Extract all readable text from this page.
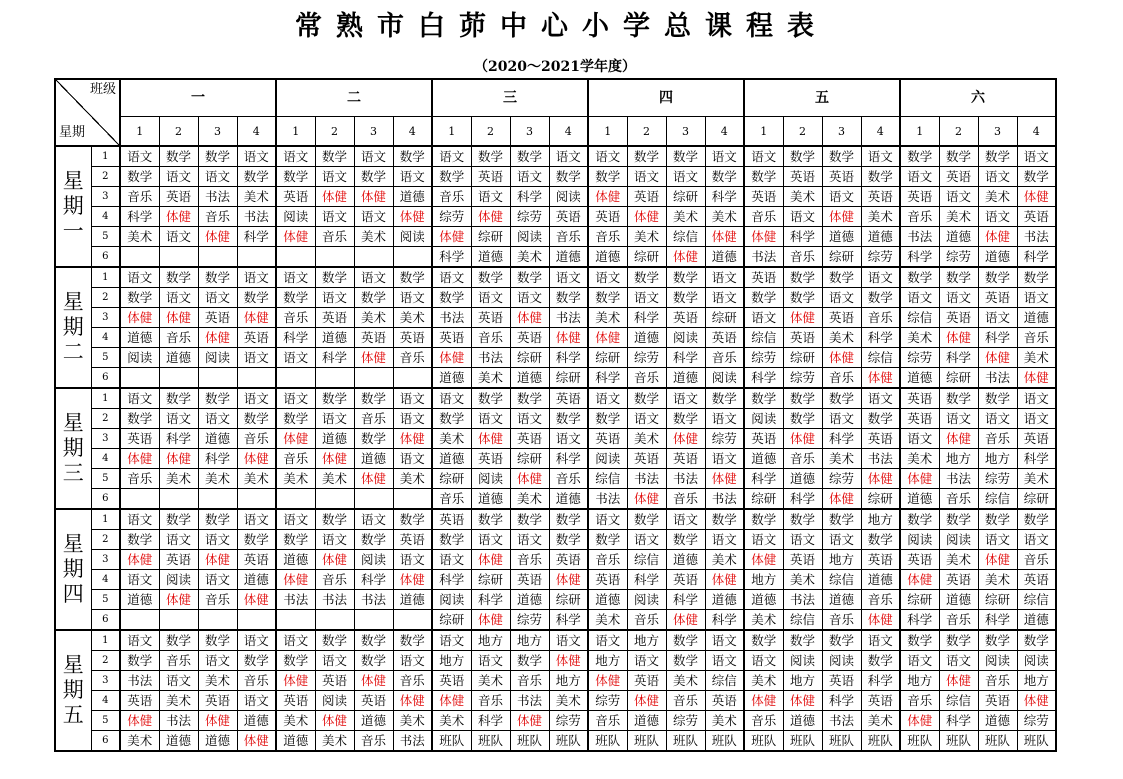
常熟市白茆中心小学总课程表
（2020～2021学年度）
班级
星期		一				二				三				四				五				六			
		1	2	3	4	1	2	3	4	1	2	3	4	1	2	3	4	1	2	3	4	1	2	3	4
星期一	1	语文	数学	数学	语文	语文	数学	语文	数学	语文	数学	数学	语文	语文	数学	数学	语文	语文	数学	数学	语文	数学	数学	数学	语文
	2	数学	语文	语文	数学	数学	语文	数学	语文	数学	英语	语文	数学	数学	语文	语文	数学	数学	英语	英语	数学	语文	英语	语文	数学
	3	音乐	英语	书法	美术	英语	体健	体健	道德	音乐	语文	科学	阅读	体健	英语	综研	科学	英语	美术	语文	英语	英语	语文	美术	体健
	4	科学	体健	音乐	书法	阅读	语文	语文	体健	综劳	体健	综劳	英语	英语	体健	美术	美术	音乐	语文	体健	美术	音乐	美术	语文	英语
	5	美术	语文	体健	科学	体健	音乐	美术	阅读	体健	综研	阅读	音乐	音乐	美术	综信	体健	体健	科学	道德	道德	书法	道德	体健	书法
	6									科学	道德	美术	道德	道德	综研	体健	道德	书法	音乐	综研	综劳	科学	综劳	道德	科学
星期二	1	语文	数学	数学	语文	语文	数学	语文	数学	语文	数学	数学	语文	语文	数学	数学	语文	英语	数学	数学	语文	数学	数学	数学	数学
	2	数学	语文	语文	数学	数学	语文	数学	语文	数学	语文	语文	数学	数学	语文	数学	语文	数学	数学	语文	数学	语文	语文	英语	语文
	3	体健	体健	英语	体健	音乐	英语	美术	美术	书法	英语	体健	书法	美术	科学	英语	综研	语文	体健	英语	音乐	综信	英语	语文	道德
	4	道德	音乐	体健	英语	科学	道德	英语	英语	英语	音乐	英语	体健	体健	道德	阅读	英语	综信	英语	美术	科学	美术	体健	科学	音乐
	5	阅读	道德	阅读	语文	语文	科学	体健	音乐	体健	书法	综研	科学	综研	综劳	科学	音乐	综劳	综研	体健	综信	综劳	科学	体健	美术
	6									道德	美术	道德	综研	科学	音乐	道德	阅读	科学	综劳	音乐	体健	道德	综研	书法	体健
星期三	1	语文	数学	数学	语文	语文	数学	数学	语文	语文	数学	数学	英语	语文	数学	语文	数学	数学	数学	数学	语文	英语	数学	数学	语文
	2	数学	语文	语文	数学	数学	语文	音乐	语文	数学	语文	语文	数学	数学	语文	数学	语文	阅读	数学	语文	数学	英语	语文	语文	语文
	3	英语	科学	道德	音乐	体健	道德	数学	体健	美术	体健	英语	语文	英语	美术	体健	综劳	英语	体健	科学	英语	语文	体健	音乐	英语
	4	体健	体健	科学	体健	音乐	体健	道德	语文	道德	英语	综研	科学	阅读	英语	英语	语文	道德	音乐	美术	书法	美术	地方	地方	科学
	5	音乐	美术	美术	美术	美术	美术	体健	美术	综研	阅读	体健	音乐	综信	书法	书法	体健	科学	道德	综劳	体健	体健	书法	综劳	美术
	6									音乐	道德	美术	道德	书法	体健	音乐	书法	综研	科学	体健	综研	道德	音乐	综信	综研
星期四	1	语文	数学	数学	语文	语文	数学	语文	数学	英语	数学	数学	数学	语文	数学	语文	数学	数学	数学	数学	地方	数学	数学	数学	数学
	2	数学	语文	语文	数学	数学	语文	数学	英语	数学	语文	语文	数学	数学	语文	数学	语文	语文	语文	语文	数学	阅读	阅读	语文	语文
	3	体健	英语	体健	英语	道德	体健	阅读	语文	语文	体健	音乐	英语	音乐	综信	道德	美术	体健	英语	地方	英语	英语	美术	体健	音乐
	4	语文	阅读	语文	道德	体健	音乐	科学	体健	科学	综研	英语	体健	英语	科学	英语	体健	地方	美术	综信	道德	体健	英语	美术	英语
	5	道德	体健	音乐	体健	书法	书法	书法	道德	阅读	科学	道德	综研	道德	阅读	科学	道德	道德	书法	道德	音乐	综研	道德	综研	综信
	6									综研	体健	综劳	科学	美术	音乐	体健	科学	美术	综信	音乐	体健	科学	音乐	科学	道德
星期五	1	语文	数学	数学	语文	语文	数学	数学	数学	语文	地方	地方	语文	语文	地方	数学	语文	数学	数学	数学	语文	数学	数学	数学	数学
	2	数学	音乐	语文	数学	数学	语文	数学	语文	地方	语文	数学	体健	地方	语文	数学	语文	语文	阅读	阅读	数学	语文	语文	阅读	阅读
	3	书法	语文	美术	音乐	体健	英语	体健	音乐	英语	美术	音乐	地方	体健	英语	美术	综信	美术	地方	英语	科学	地方	体健	音乐	地方
	4	英语	美术	英语	语文	英语	阅读	英语	体健	体健	音乐	书法	美术	综劳	体健	音乐	英语	体健	体健	科学	英语	音乐	综信	英语	体健
	5	体健	书法	体健	道德	美术	体健	道德	美术	美术	科学	体健	综劳	音乐	道德	综劳	美术	音乐	道德	书法	美术	体健	科学	道德	综劳
	6	美术	道德	道德	体健	道德	美术	音乐	书法	班队	班队	班队	班队	班队	班队	班队	班队	班队	班队	班队	班队	班队	班队	班队	班队
